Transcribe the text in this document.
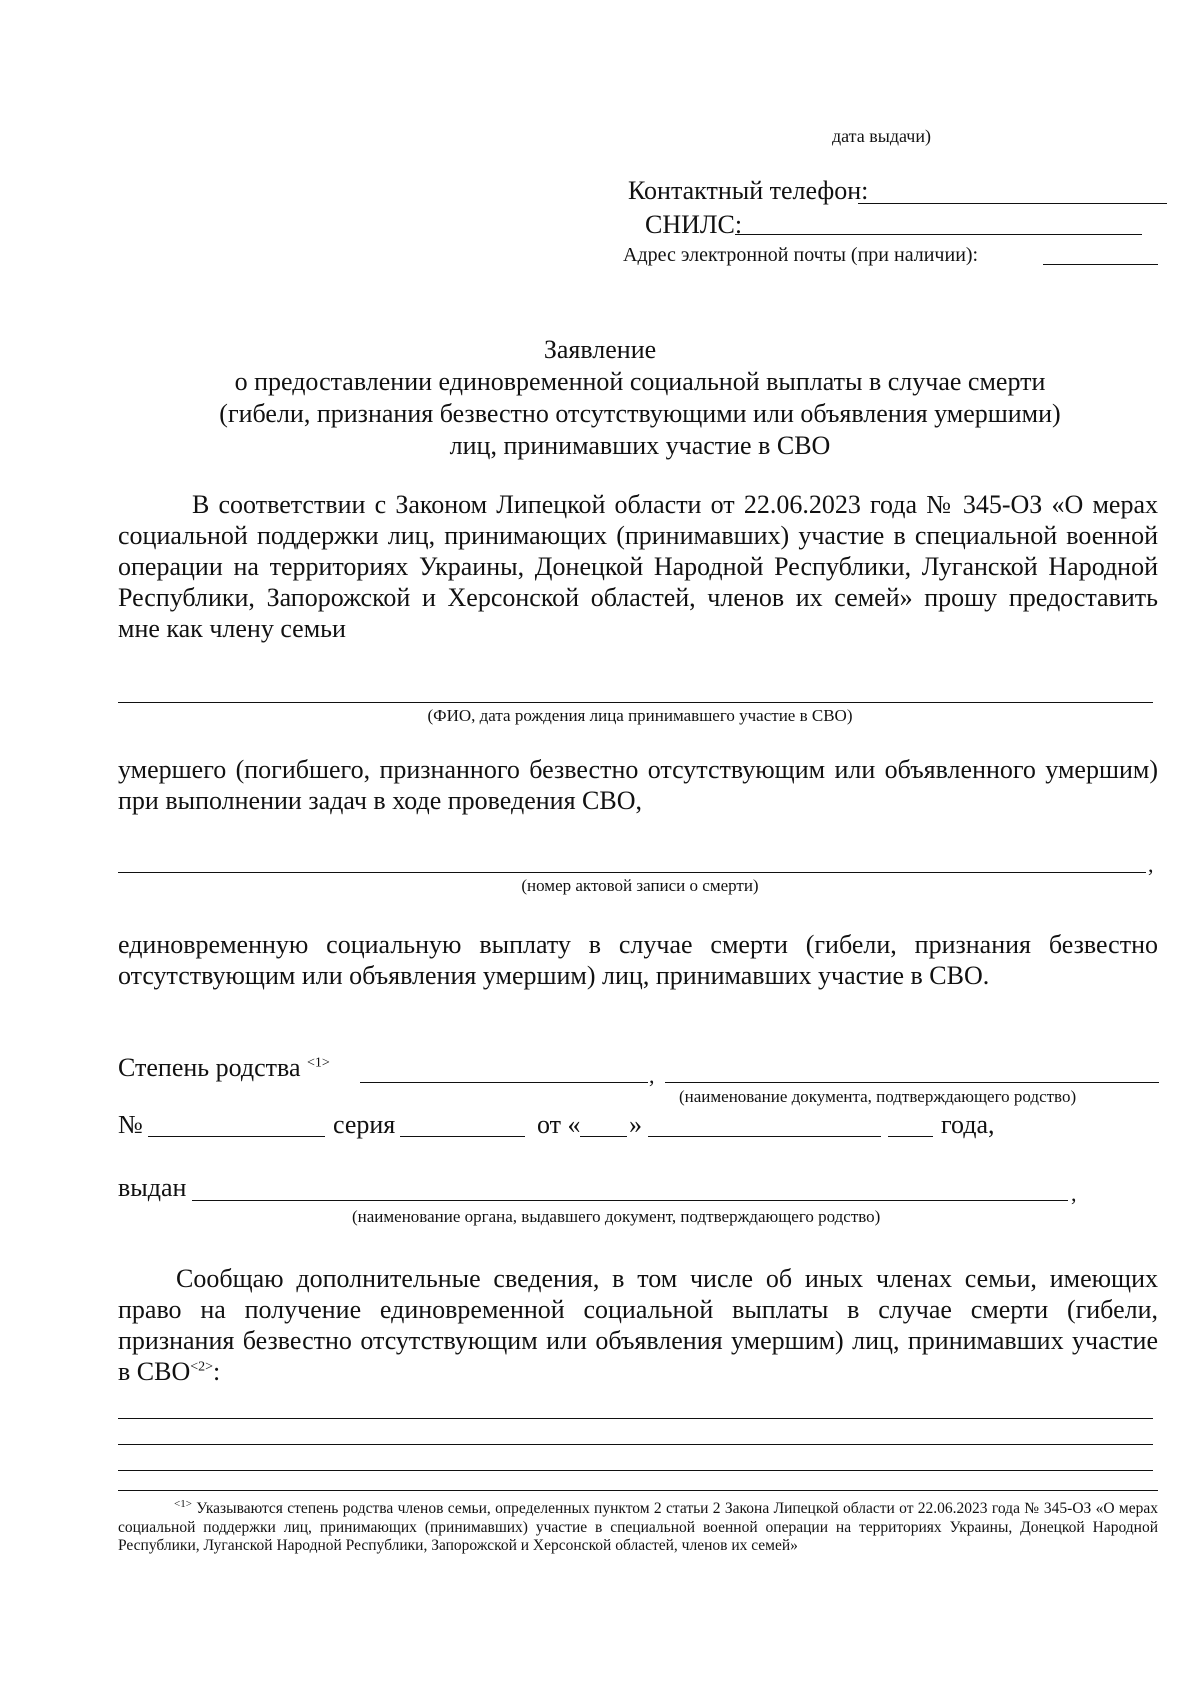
дата выдачи)
Контактный телефон:
СНИЛС:
Адрес электронной почты (при наличии):
Заявление
о предоставлении единовременной социальной выплаты в случае смерти
(гибели, признания безвестно отсутствующими или объявления умершими)
лиц, принимавших участие в СВО
В соответствии с Законом Липецкой области от 22.06.2023 года № 345-ОЗ «О мерах социальной поддержки лиц, принимающих (принимавших) участие в специальной военной операции на территориях Украины, Донецкой Народной Республики, Луганской Народной Республики, Запорожской и Херсонской областей, членов их семей» прошу предоставить мне как члену семьи
(ФИО, дата рождения лица принимавшего участие в СВО)
умершего (погибшего, признанного безвестно отсутствующим или объявленного умершим) при выполнении задач в ходе проведения СВО,
,
(номер актовой записи о смерти)
единовременную социальную выплату в случае смерти (гибели, признания безвестно отсутствующим или объявления умершим) лиц, принимавших участие в СВО.
Степень родства $^{<1>}$
,
(наименование документа, подтверждающего родство)
№	серия	от « »	года,
выдан	,
(наименование органа, выдавшего документ, подтверждающего родство)
Сообщаю дополнительные сведения, в том числе об иных членах семьи, имеющих право на получение единовременной социальной выплаты в случае смерти (гибели, признания безвестно отсутствующим или объявления умершим) лиц, принимавших участие в $СВО^{<2>}$:
$^{<1>}$ Указываются степень родства членов семьи, определенных пунктом 2 статьи 2 Закона Липецкой области от 22.06.2023 года № 345-ОЗ «О мерах социальной поддержки лиц, принимающих (принимавших) участие в специальной военной операции на территориях Украины, Донецкой Народной Республики, Луганской Народной Республики, Запорожской и Херсонской областей, членов их семей»
